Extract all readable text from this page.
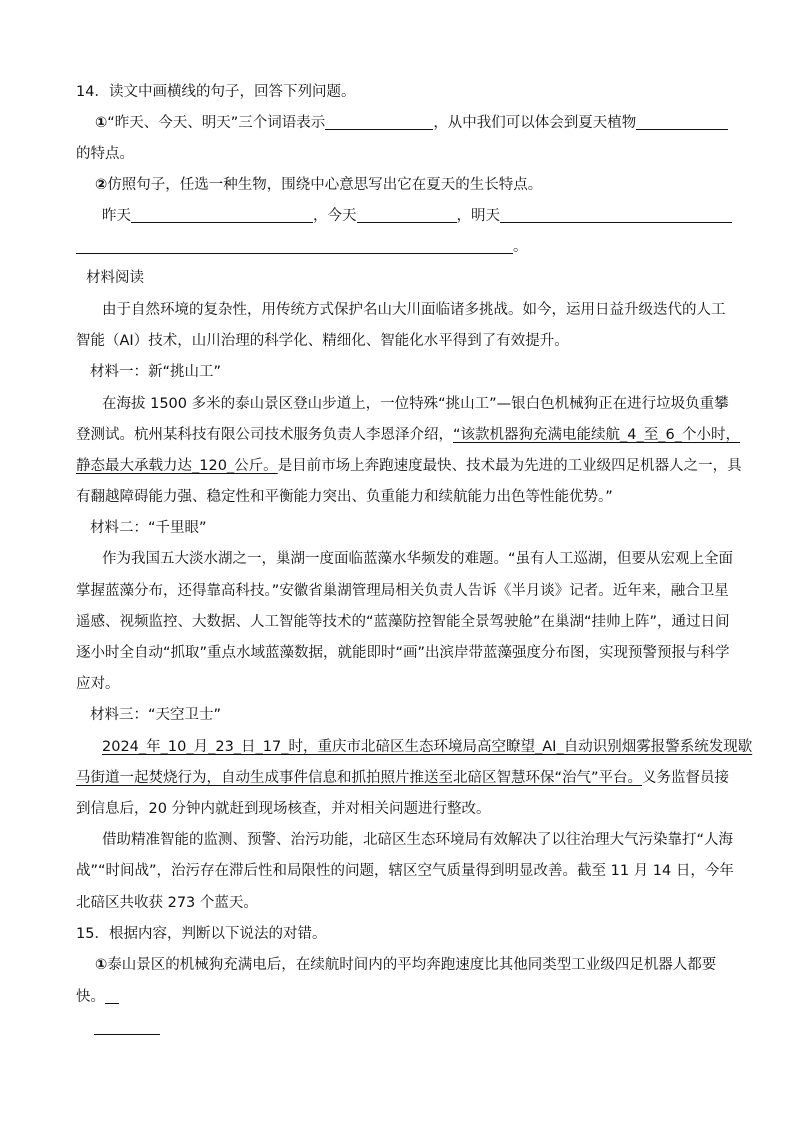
14．读文中画横线的句子，回答下列问题。
①“昨天、今天、明天”三个词语表示	，从中我们可以体会到夏天植物
的特点。
②仿照句子，任选一种生物，围绕中心意思写出它在夏天的生长特点。
昨天	，今天	，明天
。
材料阅读
由于自然环境的复杂性，用传统方式保护名山大川面临诸多挑战。如今，运用日益升级迭代的人工
智能（AI）技术，山川治理的科学化、精细化、智能化水平得到了有效提升。
材料一：新“挑山工”
在海拔 1500 多米的泰山景区登山步道上，一位特殊“挑山工”—银白色机械狗正在进行垃圾负重攀
登测试。杭州某科技有限公司技术服务负责人李恩泽介绍，“该款机器狗充满电能续航_4_至_6_个小时，
静态最大承载力达_120_公斤。是目前市场上奔跑速度最快、技术最为先进的工业级四足机器人之一，具
有翻越障碍能力强、稳定性和平衡能力突出、负重能力和续航能力出色等性能优势。”
材料二：“千里眼”
作为我国五大淡水湖之一，巢湖一度面临蓝藻水华频发的难题。“虽有人工巡湖，但要从宏观上全面
掌握蓝藻分布，还得靠高科技。”安徽省巢湖管理局相关负责人告诉《半月谈》记者。近年来，融合卫星
遥感、视频监控、大数据、人工智能等技术的“蓝藻防控智能全景驾驶舱”在巢湖“挂帅上阵”，通过日间
逐小时全自动“抓取”重点水域蓝藻数据，就能即时“画”出滨岸带蓝藻强度分布图，实现预警预报与科学
应对。
材料三：“天空卫士”
2024_年_10_月_23_日_17_时，重庆市北碚区生态环境局高空瞭望_AI_自动识别烟雾报警系统发现歇
马街道一起焚烧行为，自动生成事件信息和抓拍照片推送至北碚区智慧环保“治气”平台。义务监督员接
到信息后，20 分钟内就赶到现场核查，并对相关问题进行整改。
借助精准智能的监测、预警、治污功能，北碚区生态环境局有效解决了以往治理大气污染靠打“人海
战”“时间战”，治污存在滞后性和局限性的问题，辖区空气质量得到明显改善。截至 11 月 14 日，今年
北碚区共收获 273 个蓝天。
15．根据内容，判断以下说法的对错。
①泰山景区的机械狗充满电后，在续航时间内的平均奔跑速度比其他同类型工业级四足机器人都要
快。
